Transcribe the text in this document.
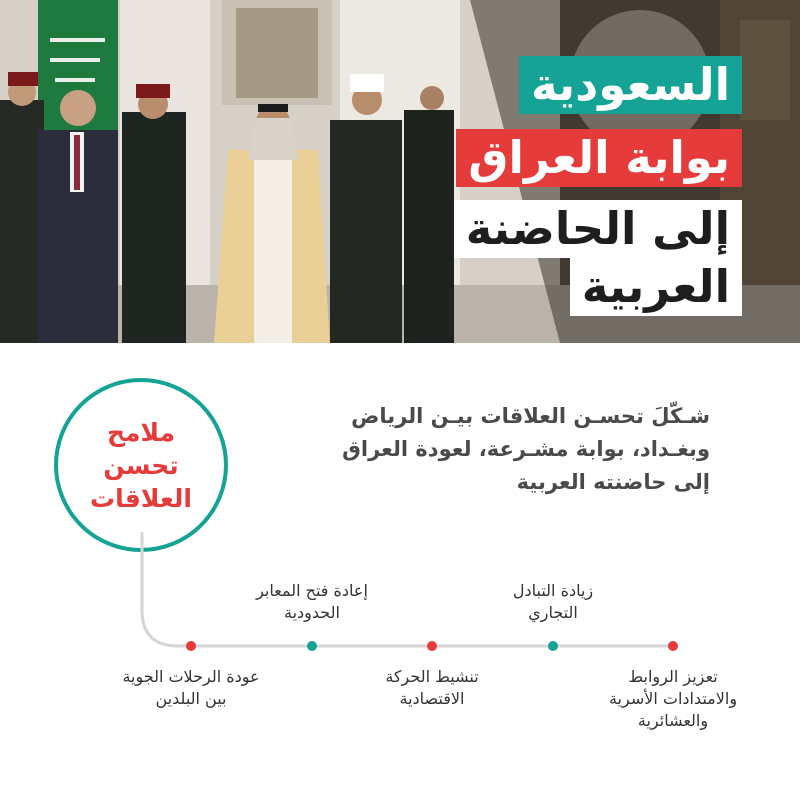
السعودية
بوابة العراق
إلى الحاضنة
العربية
ملامح
تحسن
العلاقات
شـكّلَ تحسـن العلاقات بيـن الرياض
وبغـداد، بوابة مشـرعة، لعودة العراق
إلى حاضنته العربية
تعزيز الروابط
والامتدادات الأسرية
والعشائرية
زيادة التبادل
التجاري
تنشيط الحركة
الاقتصادية
إعادة فتح المعابر
الحدودية
عودة الرحلات الجوية
بين البلدين
